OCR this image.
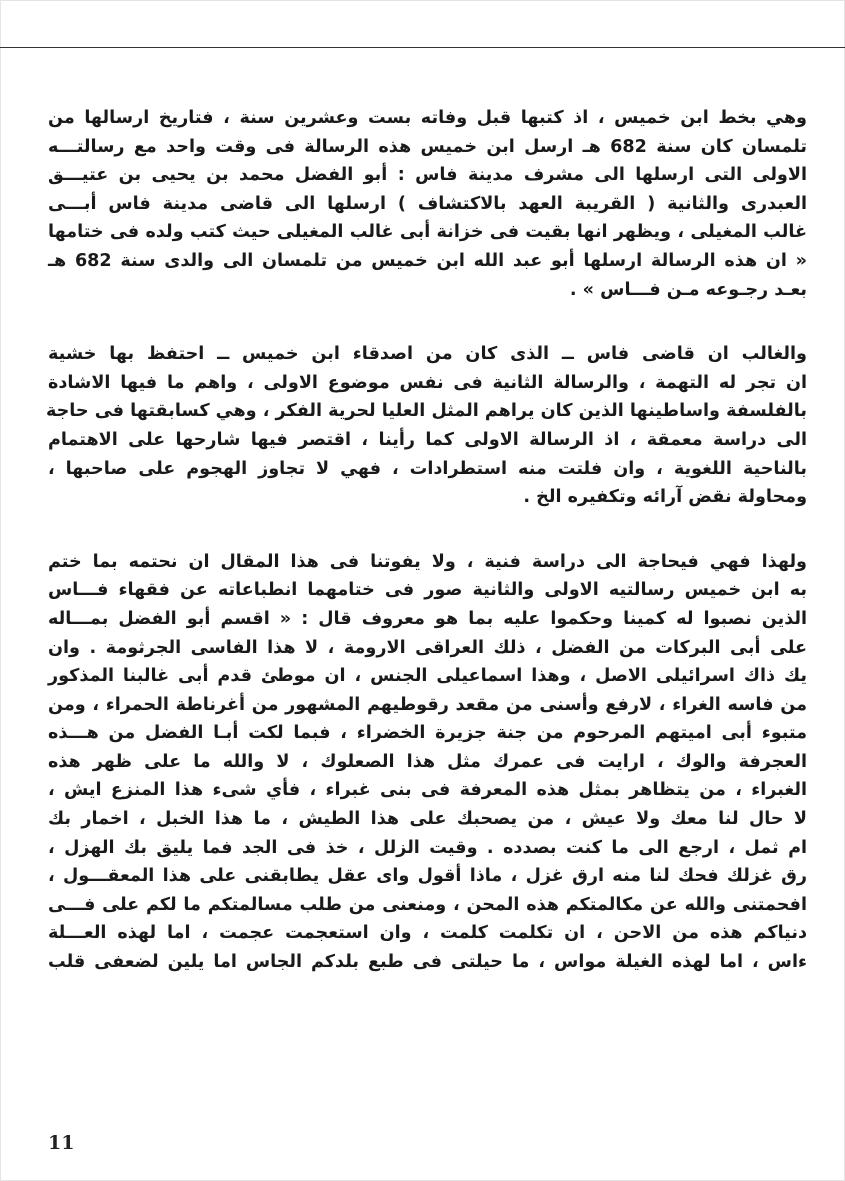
وهي بخط ابن خميس ، اذ كتبها قبل وفاته بست وعشرين سنة ، فتاريخ ارسالها من
تلمسان كان سنة 682 هـ ارسل ابن خميس هذه الرسالة فى وقت واحد مع رسالتـــه
الاولى التى ارسلها الى مشرف مدينة فاس : أبو الفضل محمد بن يحيى بن عتيـــق
العبدرى والثانية ( القريبة العهد بالاكتشاف ) ارسلها الى قاضى مدينة فاس أبـــى
غالب المغيلى ، ويظهر انها بقيت فى خزانة أبى غالب المغيلى حيث كتب ولده فى ختامها
« ان هذه الرسالة ارسلها أبو عبد الله ابن خميس من تلمسان الى والدى سنة 682 هـ
بعـد رجـوعه مـن فـــاس » .

والغالب ان قاضى فاس ــ الذى كان من اصدقاء ابن خميس ــ احتفظ بها خشية
ان تجر له التهمة ، والرسالة الثانية فى نفس موضوع الاولى ، واهم ما فيها الاشادة
بالفلسفة واساطينها الذين كان يراهم المثل العليا لحرية الفكر ، وهي كسابقتها فى حاجة
الى دراسة معمقة ، اذ الرسالة الاولى كما رأينا ، اقتصر فيها شارحها على الاهتمام
بالناحية اللغوية ، وان فلتت منه استطرادات ، فهي لا تجاوز الهجوم على صاحبها ،
ومحاولة نقض آرائه وتكفيره الخ .

ولهذا فهي فيحاجة الى دراسة فنية ، ولا يفوتنا فى هذا المقال ان نحتمه بما ختم
به ابن خميس رسالتيه الاولى والثانية صور فى ختامهما انطباعاته عن فقهاء فـــاس
الذين نصبوا له كمينا وحكموا عليه بما هو معروف قال : « اقسم أبو الفضل بمـــاله
على أبى البركات من الفضل ، ذلك العراقى الارومة ، لا هذا الفاسى الجرثومة . وان
يك ذاك اسرائيلى الاصل ، وهذا اسماعيلى الجنس ، ان موطئ قدم أبى غالبنا المذكور
من فاسه الغراء ، لارفع وأسنى من مقعد رقوطيهم المشهور من أغرناطة الحمراء ، ومن
متبوء أبى اميتهم المرحوم من جنة جزيرة الخضراء ، فبما لكت أبـا الفضل من هـــذه
العجرفة والوك ، ارايت فى عمرك مثل هذا الصعلوك ، لا والله ما على ظهر هذه
الغبراء ، من يتظاهر بمثل هذه المعرفة فى بنى غبراء ، فأي شىء هذا المنزع ايش ،
لا حال لنا معك ولا عيش ، من يصحبك على هذا الطيش ، ما هذا الخبل ، اخمار بك
ام ثمل ، ارجع الى ما كنت بصدده . وقيت الزلل ، خذ فى الجد فما يليق بك الهزل ،
رق غزلك فحك لنا منه ارق غزل ، ماذا أقول واى عقل يطابقنى على هذا المعقـــول ،
افحمتنى والله عن مكالمتكم هذه المحن ، ومنعنى من طلب مسالمتكم ما لكم على فـــى
دنياكم هذه من الاحن ، ان تكلمت كلمت ، وان استعجمت عجمت ، اما لهذه العـــلة
ءاس ، اما لهذه الغيلة مواس ، ما حيلتى فى طبع بلدكم الجاس اما يلين لضعفى قلب

11
